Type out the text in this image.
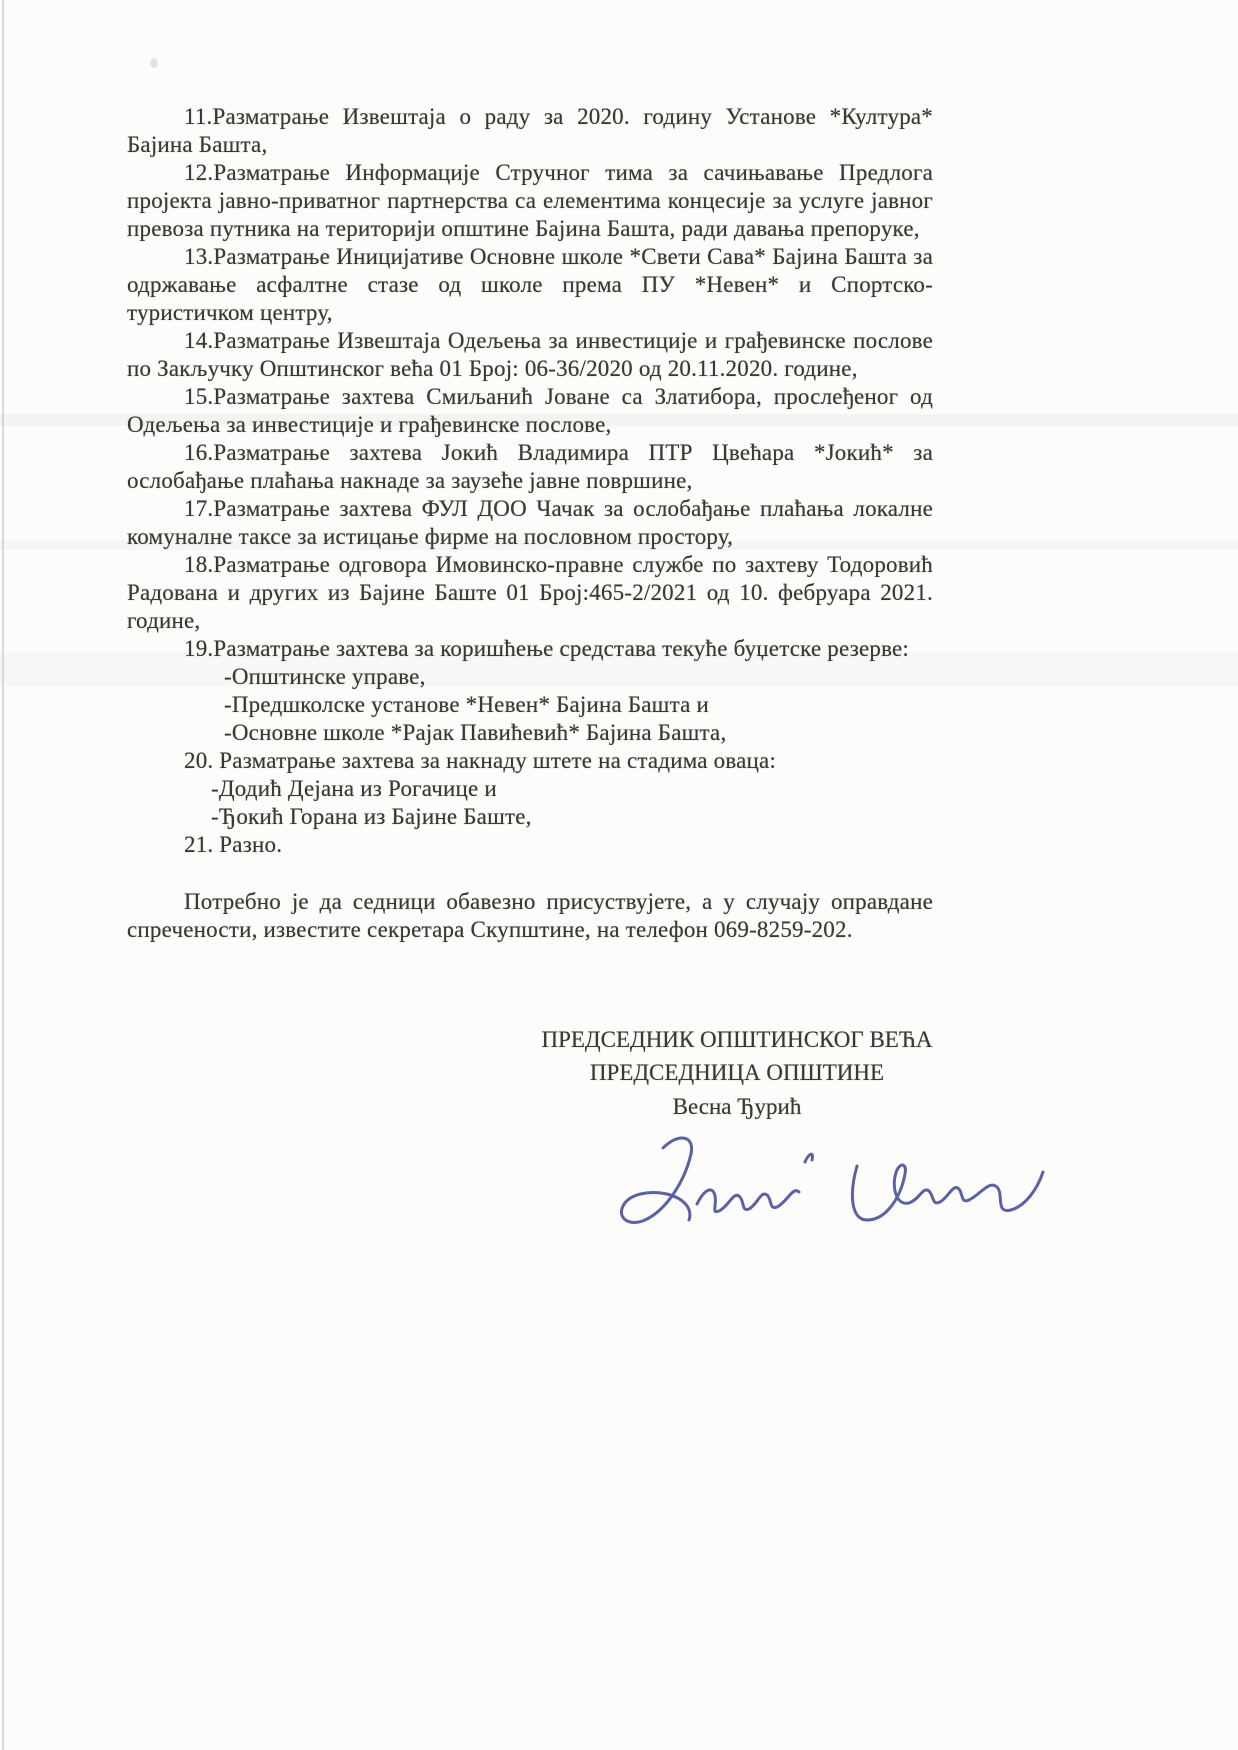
11.Разматрање Извештаја о раду за 2020. годину Установе *Култура* Бајина Башта,

12.Разматрање Информације Стручног тима за сачињавање Предлога пројекта јавно-приватног партнерства са елементима концесије за услуге јавног превоза путника на територији општине Бајина Башта, ради давања препоруке,

13.Разматрање Иницијативе Основне школе *Свети Сава* Бајина Башта за одржавање асфалтне стазе од школе према ПУ *Невен* и Спортско-туристичком центру,

14.Разматрање Извештаја Одељења за инвестиције и грађевинске послове по Закључку Општинског већа 01 Број: 06-36/2020 од 20.11.2020. године,

15.Разматрање захтева Смиљанић Јоване са Златибора, прослеђеног од Одељења за инвестиције и грађевинске послове,

16.Разматрање захтева Јокић Владимира ПТР Цвећара *Јокић* за ослобађање плаћања накнаде за заузеће јавне површине,

17.Разматрање захтева ФУЛ ДОО Чачак за ослобађање плаћања локалне комуналне таксе за истицање фирме на пословном простору,

18.Разматрање одговора Имовинско-правне службе по захтеву Тодоровић Радована и других из Бајине Баште 01 Број:465-2/2021 од 10. фебруара 2021. године,

19.Разматрање захтева за коришћење средстава текуће буџетске резерве:

-Општинске управе,

-Предшколске установе *Невен* Бајина Башта и

-Основне школе *Рајак Павићевић* Бајина Башта,

20. Разматрање захтева за накнаду штете на стадима оваца:

-Додић Дејана из Рогачице и

-Ђокић Горана из Бајине Баште,

21. Разно.

Потребно је да седници обавезно присуствујете, а у случају оправдане спречености, известите секретара Скупштине, на телефон 069-8259-202.

ПРЕДСЕДНИК ОПШТИНСКОГ ВЕЋА
ПРЕДСЕДНИЦА ОПШТИНЕ
Весна Ђурић
